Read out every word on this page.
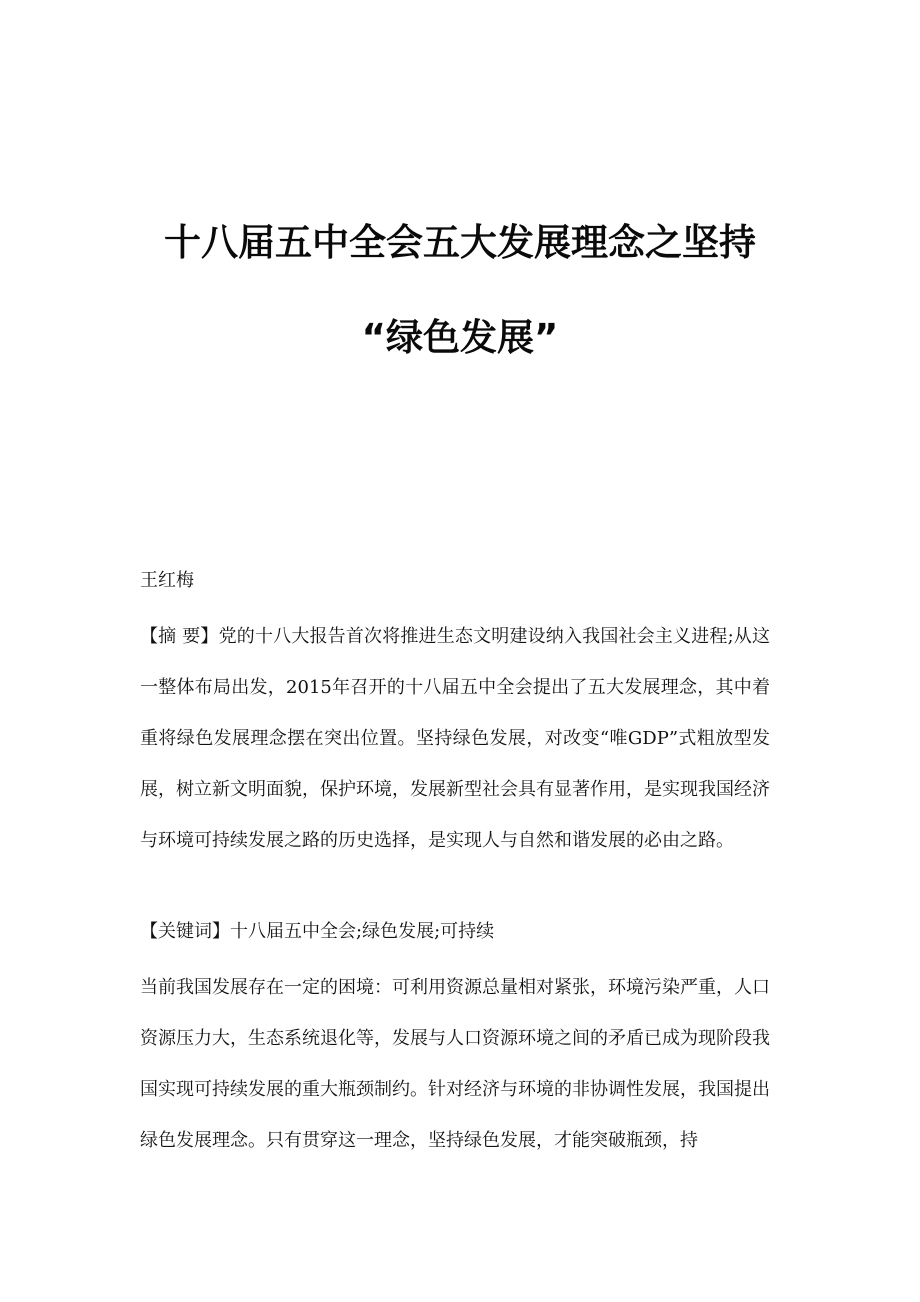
十八届五中全会五大发展理念之坚持
“绿色发展”
王红梅
【摘 要】党的十八大报告首次将推进生态文明建设纳入我国社会主义进程;从这一整体布局出发，2015年召开的十八届五中全会提出了五大发展理念，其中着重将绿色发展理念摆在突出位置。坚持绿色发展，对改变“唯GDP”式粗放型发展，树立新文明面貌，保护环境，发展新型社会具有显著作用，是实现我国经济与环境可持续发展之路的历史选择，是实现人与自然和谐发展的必由之路。
【关键词】十八届五中全会;绿色发展;可持续
当前我国发展存在一定的困境：可利用资源总量相对紧张，环境污染严重，人口资源压力大，生态系统退化等，发展与人口资源环境之间的矛盾已成为现阶段我国实现可持续发展的重大瓶颈制约。针对经济与环境的非协调性发展，我国提出绿色发展理念。只有贯穿这一理念，坚持绿色发展，才能突破瓶颈，持
